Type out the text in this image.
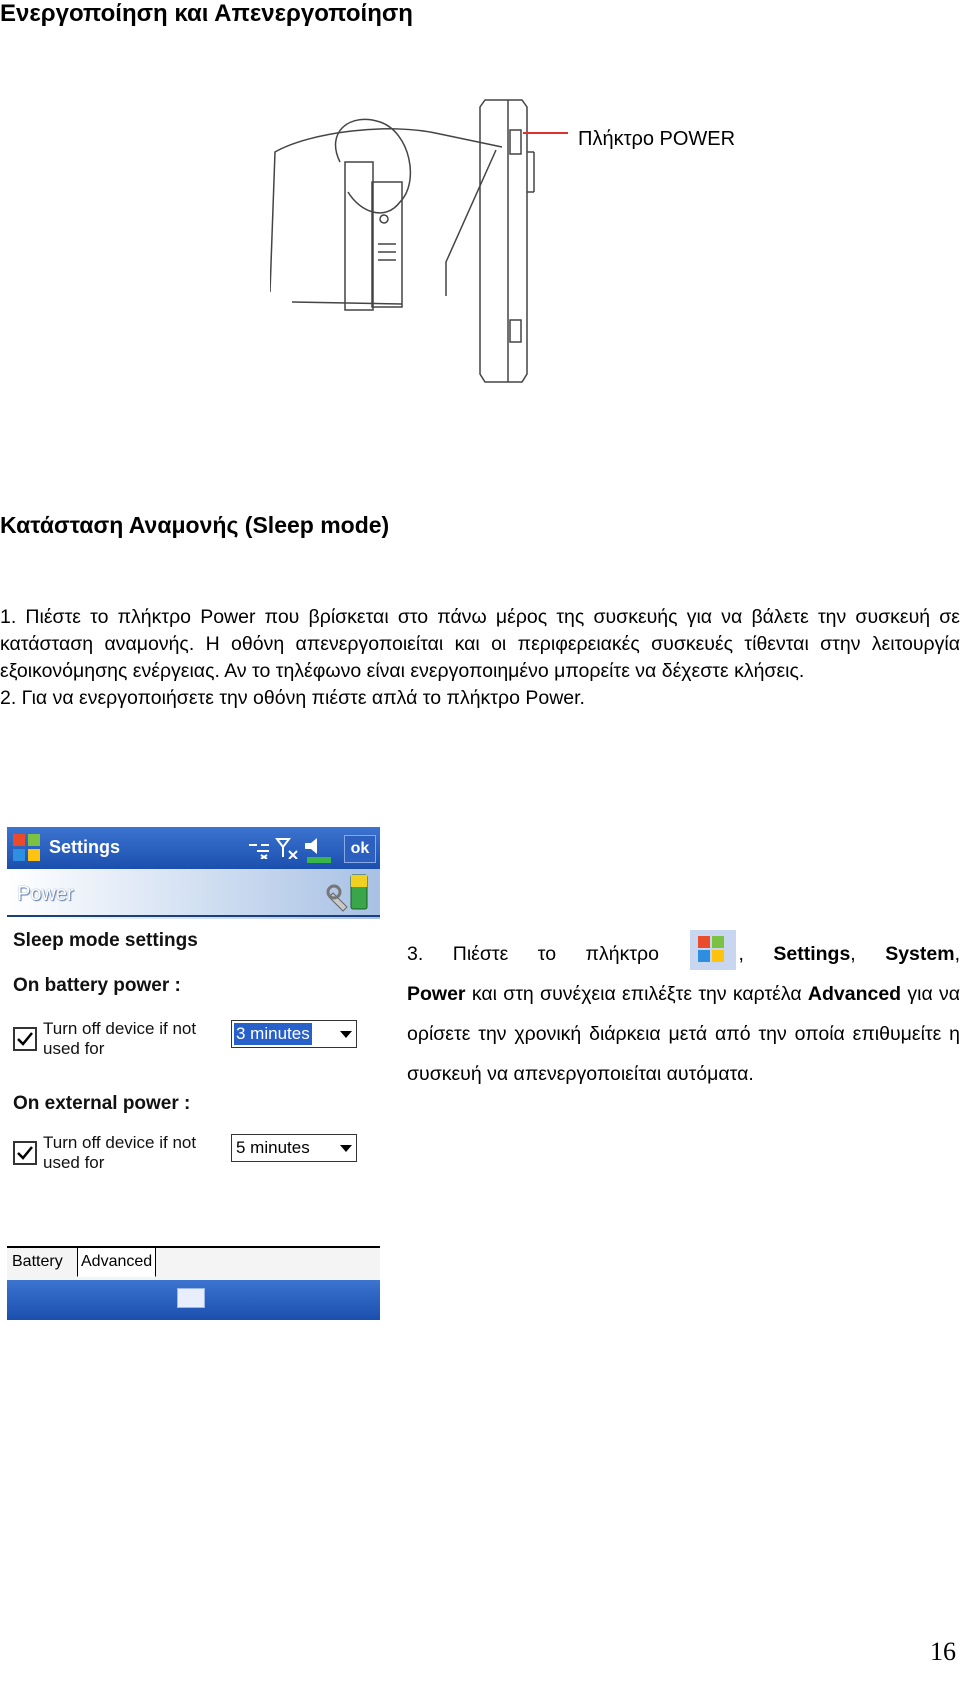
Ενεργοποίηση και Απενεργοποίηση
Πλήκτρο POWER
Κατάσταση Αναμονής (Sleep mode)

1. Πιέστε το πλήκτρο Power που βρίσκεται στο πάνω μέρος της συσκευής για να βάλετε την συσκευή σε κατάσταση αναμονής. Η οθόνη απενεργοποιείται και οι περιφερειακές συσκευές τίθενται στην λειτουργία εξοικονόμησης ενέργειας. Αν το τηλέφωνο είναι ενεργοποιημένο μπορείτε να δέχεστε κλήσεις.

2. Για να ενεργοποιήσετε την οθόνη πιέστε απλά το πλήκτρο Power.

Settings	ok
Power
Sleep mode settings
On battery power :
Turn off device if not used for
3 minutes
On external power :
Turn off device if not used for
5 minutes
Battery Advanced
3. Πιέστε το πλήκτρο	, Settings, System,
Power και στη συνέχεια επιλέξτε την καρτέλα Advanced για να ορίσετε την χρονική διάρκεια μετά από την οποία επιθυμείτε η συσκευή να απενεργοποιείται αυτόματα.
16
